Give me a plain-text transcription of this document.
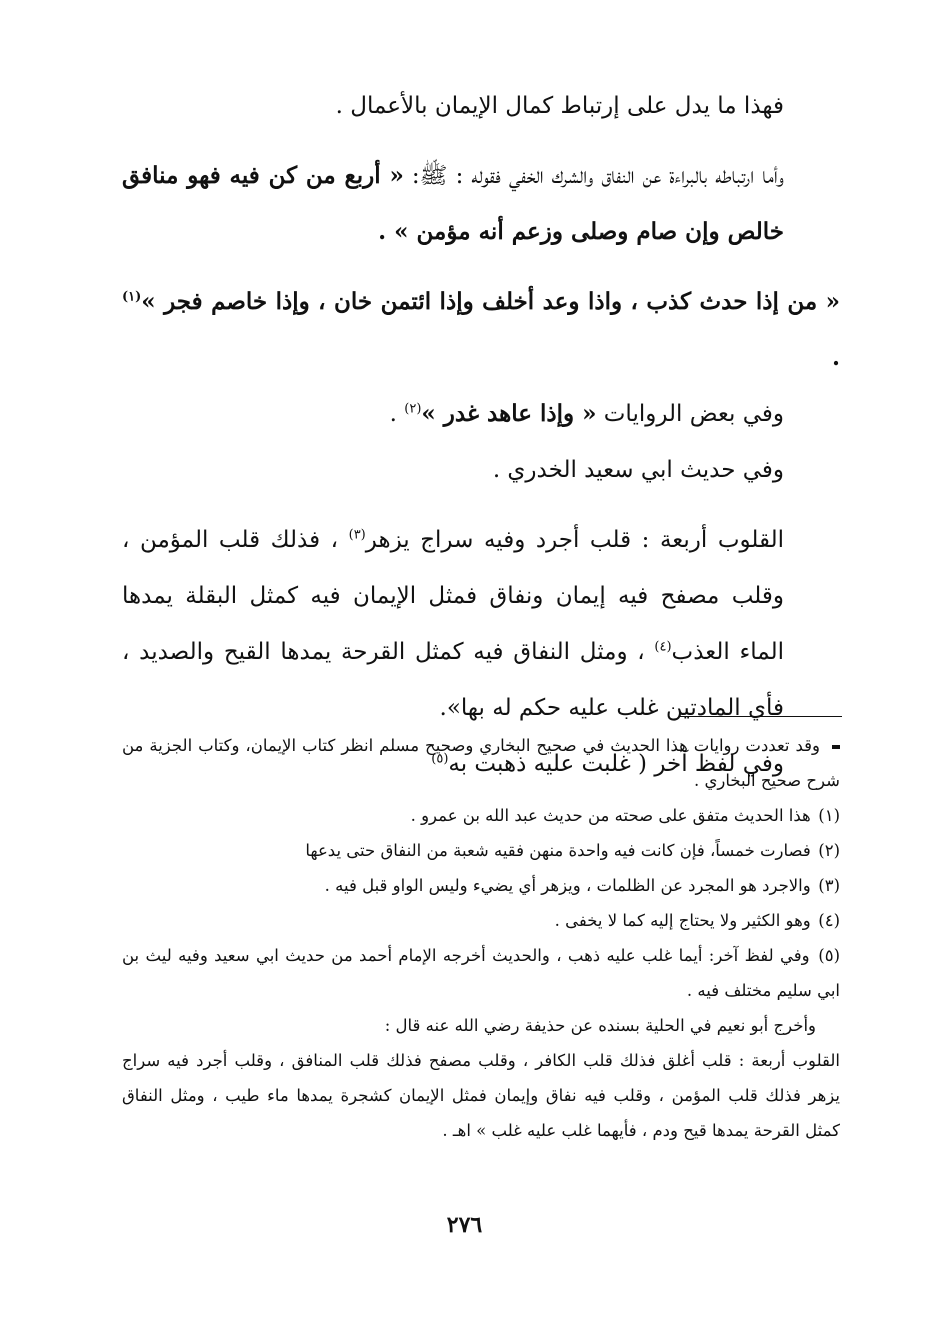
فهذا ما يدل على إرتباط كمال الإيمان بالأعمال .

وأما ارتباطه بالبراءة عن النفاق والشرك الخفي فقوله : ﷺ: « أربع من كن فيه فهو منافق خالص وإن صام وصلى وزعم أنه مؤمن » .

« من إذا حدث كذب ، واذا وعد أخلف وإذا ائتمن خان ، وإذا خاصم فجر »$^{(١)}$ .

وفي بعض الروايات « وإذا عاهد غدر »$^{(٢)}$ .

وفي حديث ابي سعيد الخدري .

القلوب أربعة : قلب أجرد وفيه سراج يزهر$^{(٣)}$ ، فذلك قلب المؤمن ، وقلب مصفح فيه إيمان ونفاق فمثل الإيمان فيه كمثل البقلة يمدها الماء العذب$^{(٤)}$ ، ومثل النفاق فيه كمثل القرحة يمدها القيح والصديد ، فأي المادتين غلب عليه حكم له بها».

وفي لفظ آخر ( غلبت عليه ذهبت به$^{(٥)}$

وقد تعددت روايات هذا الحديث في صحيح البخاري وصحيح مسلم انظر كتاب الإيمان، وكتاب الجزية من شرح صحيح البخاري .

(١) هذا الحديث متفق على صحته من حديث عبد الله بن عمرو .

(٢) فصارت خمساً، فإن كانت فيه واحدة منهن فقيه شعبة من النفاق حتى يدعها

(٣) والاجرد هو المجرد عن الظلمات ، ويزهر أي يضيء وليس الواو قبل فيه .

(٤) وهو الكثير ولا يحتاج إليه كما لا يخفى .

(٥) وفي لفظ آخر: أيما غلب عليه ذهب ، والحديث أخرجه الإمام أحمد من حديث ابي سعيد وفيه ليث بن ابي سليم مختلف فيه .

وأخرج أبو نعيم في الحلية بسنده عن حذيفة رضي الله عنه قال :

القلوب أربعة : قلب أغلق فذلك قلب الكافر ، وقلب مصفح فذلك قلب المنافق ، وقلب أجرد فيه سراج يزهر فذلك قلب المؤمن ، وقلب فيه نفاق وإيمان فمثل الإيمان كشجرة يمدها ماء طيب ، ومثل النفاق كمثل القرحة يمدها قيح ودم ، فأيهما غلب عليه غلب » اهـ .

٢٧٦
